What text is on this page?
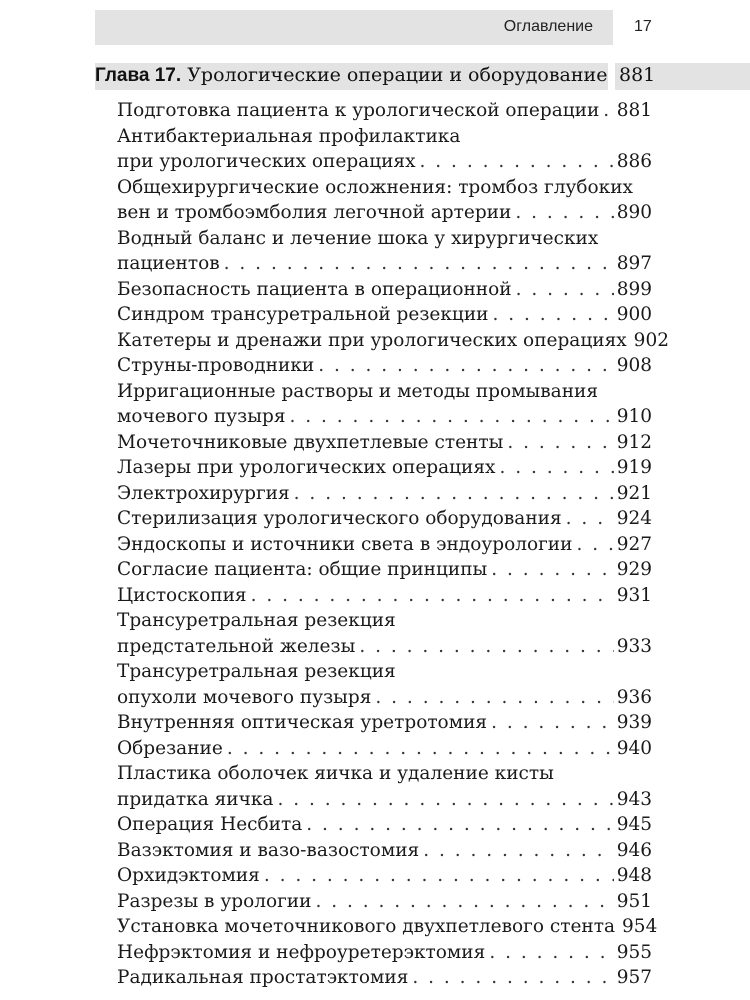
Оглавление	17
Глава 17. Урологические операции и оборудование 881
Подготовка пациента к урологической операции . . . 881
Антибактериальная профилактика
при урологических операциях . . .	886
Общехирургические осложнения: тромбоз глубоких
вен и тромбоэмболия легочной артерии . . .	890
Водный баланс и лечение шока у хирургических
пациентов . . .	897
Безопасность пациента в операционной . . .	899
Синдром трансуретральной резекции . . .	900
Катетеры и дренажи при урологических операциях 902
Струны-проводники . . .	908
Ирригационные растворы и методы промывания
мочевого пузыря . . .	910
Мочеточниковые двухпетлевые стенты . . .	912
Лазеры при урологических операциях . . .	919
Электрохирургия . . .	921
Стерилизация урологического оборудования . . .	924
Эндоскопы и источники света в эндоурологии . . . 927
Согласие пациента: общие принципы . . .	929
Цистоскопия . . .	931
Трансуретральная резекция
предстательной железы . . .	933
Трансуретральная резекция
опухоли мочевого пузыря . . .	936
Внутренняя оптическая уретротомия . . .	939
Обрезание . . .	940
Пластика оболочек яичка и удаление кисты
придатка яичка . . .	943
Операция Несбита . . .	945
Вазэктомия и вазо-вазостомия . . .	946
Орхидэктомия . . .	948
Разрезы в урологии . . .	951
Установка мочеточникового двухпетлевого стента 954
Нефрэктомия и нефроуретерэктомия . . .	955
Радикальная простатэктомия . . .	957
